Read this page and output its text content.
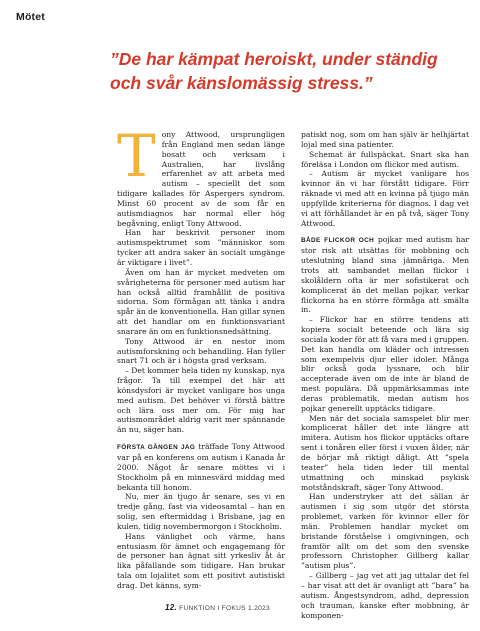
Mötet
”De har kämpat heroiskt, under ständig
och svår känslomässig stress.”

Tony Attwood, ursprungligen från England men sedan länge bosatt och verksam i Australien, har livslång erfarenhet av att arbeta med autism – speciellt det som tidigare kallades för Aspergers syndrom. Minst 60 procent av de som får en autismdiagnos har normal eller hög begåvning, enligt Tony Attwood.

Han har beskrivit personer inom autismspektrumet som ”människor som tycker att andra saker än socialt umgänge är viktigare i livet”.

Även om han är mycket medveten om svårigheterna för personer med autism har han också alltid framhållit de positiva sidorna. Som förmågan att tänka i andra spår än de konventionella. Han gillar synen att det handlar om en funktionsvariant snarare än om en funktionsnedsättning.

Tony Attwood är en nestor inom autismforskning och behandling. Han fyller snart 71 och är i högsta grad verksam.

– Det kommer hela tiden ny kunskap, nya frågor. Ta till exempel det här att könsdysfori är mycket vanligare hos unga med autism. Det behöver vi förstå bättre och lära oss mer om. För mig har autismområdet aldrig varit mer spännande än nu, säger han.

FÖRSTA GÅNGEN JAG träffade Tony Attwood var på en konferens om autism i Kanada år 2000. Något år senare möttes vi i Stockholm på en minnesvärd middag med bekanta till honom.

Nu, mer än tjugo år senare, ses vi en tredje gång, fast via videosamtal – han en solig, sen eftermiddag i Brisbane, jag en kulen, tidig novembermorgon i Stockholm.

Hans vänlighet och värme, hans entusiasm för ämnet och engagemang för de personer han ägnat sitt yrkesliv åt är lika påfallande som tidigare. Han brukar tala om lojalitet som ett positivt autistiskt drag. Det känns, sym-

patiskt nog, som om han själv är helhjärtat lojal med sina patienter.

Schemat är fullspäckat. Snart ska han föreläsa i London om flickor med autism.

– Autism är mycket vanligare hos kvinnor än vi har förstått tidigare. Förr räknade vi med att en kvinna på tjugo män uppfyllde kriterierna för diagnos. I dag vet vi att förhållandet är en på två, säger Tony Attwood.

BÅDE FLICKOR OCH pojkar med autism har stor risk att utsättas för mobbning och uteslutning bland sina jämnåriga. Men trots att sambandet mellan flickor i skolåldern ofta är mer sofistikerat och komplicerat än det mellan pojkar, verkar flickorna ha en större förmåga att smälta in.

– Flickor har en större tendens att kopiera socialt beteende och lära sig sociala koder för att få vara med i gruppen. Det kan handla om kläder och intressen som exempelvis djur eller idoler. Många blir också goda lyssnare, och blir accepterade även om de inte är bland de mest populära. Då uppmärksammas inte deras problematik, medan autism hos pojkar generellt upptäcks tidigare.

Men när det sociala samspelet blir mer komplicerat håller det inte längre att imitera. Autism hos flickor upptäcks oftare sent i tonåren eller först i vuxen ålder, när de börjar må riktigt dåligt. Att ”spela teater” hela tiden leder till mental utmattning och minskad psykisk motståndskraft, säger Tony Attwood.

Han understryker att det sällan är autismen i sig som utgör det största problemet, varken för kvinnor eller för män. Problemen handlar mycket om bristande förståelse i omgivningen, och framför allt om det som den svenske professorn Christopher Gillberg kallar ”autism plus”.

– Gillberg – jag vet att jag uttalar det fel – har visat att det är ovanligt att ”bara” ha autism. Ångestsyndrom, adhd, depression och trauman, kanske efter mobbning, är komponen-

12. FUNKTION I FOKUS 1.2023
